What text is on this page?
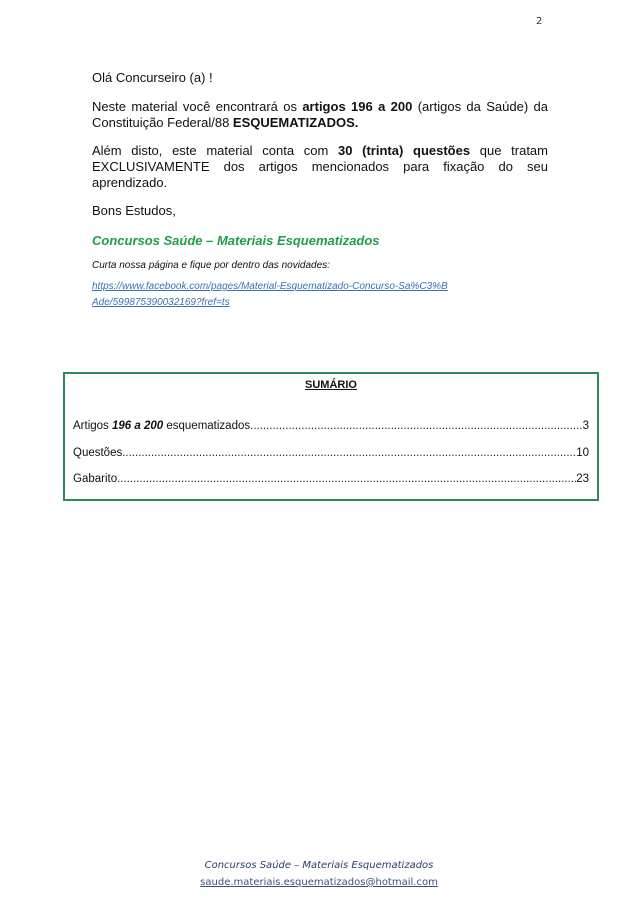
2

Olá Concurseiro (a) !

Neste material você encontrará os artigos 196 a 200 (artigos da Saúde) da Constituição Federal/88 ESQUEMATIZADOS.

Além disto, este material conta com 30 (trinta) questões que tratam EXCLUSIVAMENTE dos artigos mencionados para fixação do seu aprendizado.

Bons Estudos,

Concursos Saúde – Materiais Esquematizados

Curta nossa página e fique por dentro das novidades:

https://www.facebook.com/pages/Material-Esquematizado-Concurso-Sa%C3%BAde/599875390032169?fref=ts

SUMÁRIO
Artigos 196 a 200 esquematizados .....	3
Questões .....	10
Gabarito .....	23
Concursos Saúde – Materiais Esquematizados
saude.materiais.esquematizados@hotmail.com
